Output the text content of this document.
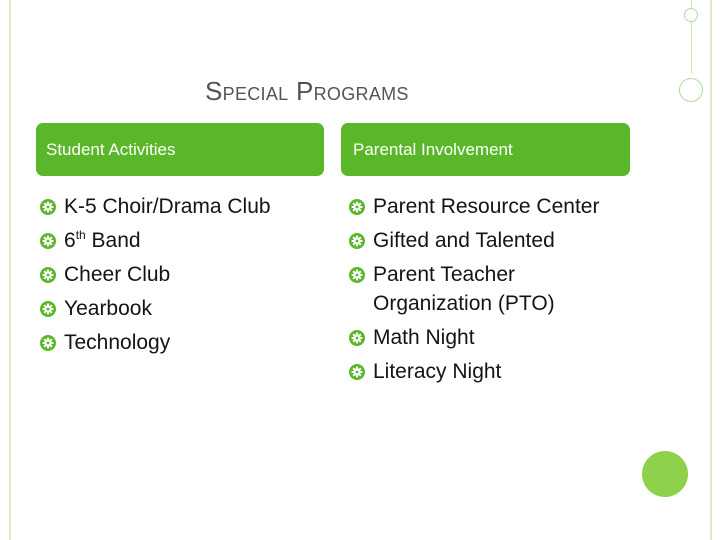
Special Programs
Student Activities	Parental Involvement
K-5 Choir/Drama Club
6th Band
Cheer Club
Yearbook
Technology
Parent Resource Center
Gifted and Talented
Parent Teacher Organization (PTO)
Math Night
Literacy Night
